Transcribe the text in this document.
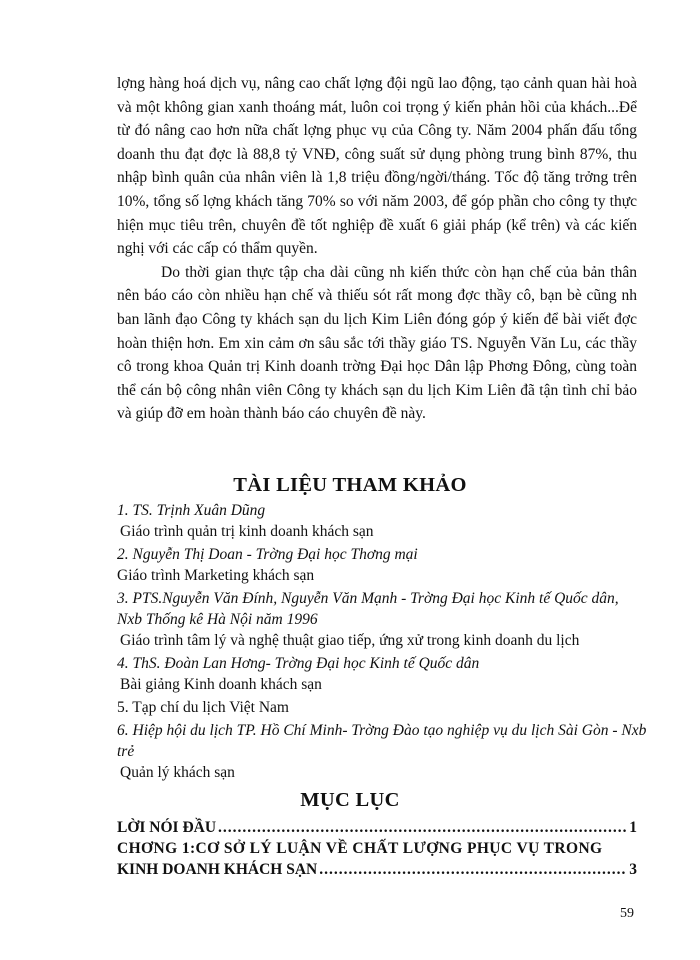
lợng hàng hoá dịch vụ, nâng cao chất lợng đội ngũ lao động, tạo cảnh quan hài hoà và một không gian xanh thoáng mát, luôn coi trọng ý kiến phản hồi của khách...Để từ đó nâng cao hơn nữa chất lợng phục vụ của Công ty. Năm 2004 phấn đấu tổng doanh thu đạt đợc là 88,8 tỷ VNĐ, công suất sử dụng phòng trung bình 87%, thu nhập bình quân của nhân viên là 1,8 triệu đồng/ngời/tháng. Tốc độ tăng trởng trên 10%, tổng số lợng khách tăng 70% so với năm 2003, để góp phần cho công ty thực hiện mục tiêu trên, chuyên đề tốt nghiệp đề xuất 6 giải pháp (kể trên) và các kiến nghị với các cấp có thẩm quyền.

Do thời gian thực tập cha dài cũng nh kiến thức còn hạn chế của bản thân nên báo cáo còn nhiều hạn chế và thiếu sót rất mong đợc thầy cô, bạn bè cũng nh ban lãnh đạo Công ty khách sạn du lịch Kim Liên đóng góp ý kiến để bài viết đợc hoàn thiện hơn. Em xin cảm ơn sâu sắc tới thầy giáo TS. Nguyễn Văn Lu, các thầy cô trong khoa Quản trị Kinh doanh trờng Đại học Dân lập Phơng Đông, cùng toàn thể cán bộ công nhân viên Công ty khách sạn du lịch Kim Liên đã tận tình chỉ bảo và giúp đỡ em hoàn thành báo cáo chuyên đề này.

TÀI LIỆU THAM KHẢO
1. TS. Trịnh Xuân Dũng
Giáo trình quản trị kinh doanh khách sạn
2. Nguyễn Thị Doan - Trờng Đại học Thơng mại
Giáo trình Marketing khách sạn
3. PTS.Nguyễn Văn Đính, Nguyễn Văn Mạnh - Trờng Đại học Kinh tế Quốc dân, Nxb Thống kê Hà Nội năm 1996
Giáo trình tâm lý và nghệ thuật giao tiếp, ứng xử trong kinh doanh du lịch
4. ThS. Đoàn Lan Hơng- Trờng Đại học Kinh tế Quốc dân
Bài giảng Kinh doanh khách sạn
5. Tạp chí du lịch Việt Nam
6. Hiệp hội du lịch TP. Hồ Chí Minh- Trờng Đào tạo nghiệp vụ du lịch Sài Gòn - Nxb trẻ
Quản lý khách sạn
MỤC LỤC
LỜI NÓI ĐẦU .....	1
CHƠNG 1:CƠ SỞ LÝ LUẬN VỀ CHẤT LƯỢNG PHỤC VỤ TRONG
KINH DOANH KHÁCH SẠN .....	3
59
